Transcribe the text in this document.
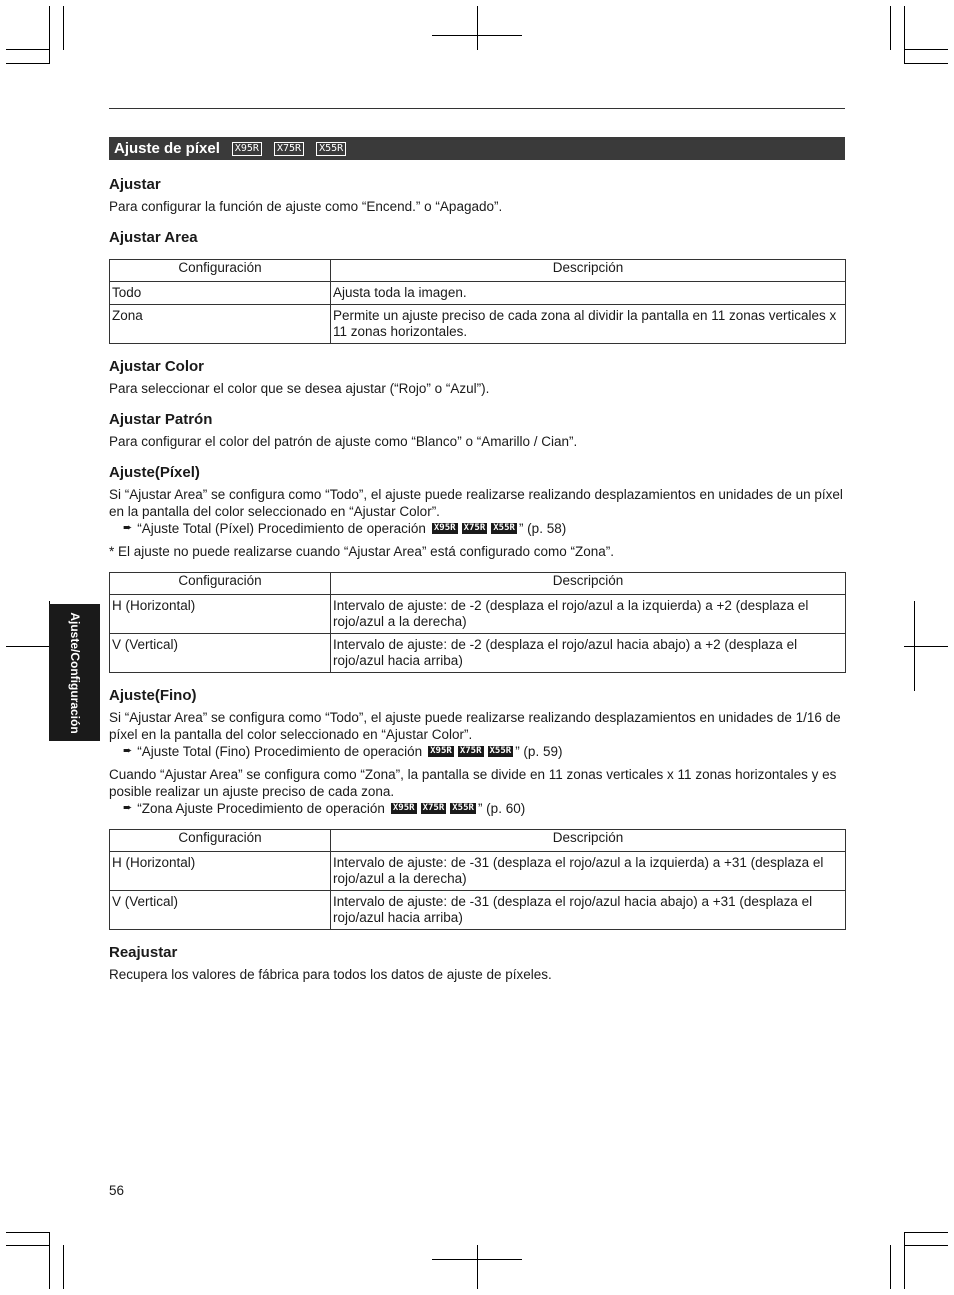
Ajuste de píxel	X95R	X75R	X55R
Ajustar

Para configurar la función de ajuste como “Encend.” o “Apagado”.

Ajustar Area
Configuración	Descripción
Todo	Ajusta toda la imagen.
Zona	Permite un ajuste preciso de cada zona al dividir la pantalla en 11 zonas verticales x 11 zonas horizontales.
Ajustar Color

Para seleccionar el color que se desea ajustar (“Rojo” o “Azul”).

Ajustar Patrón

Para configurar el color del patrón de ajuste como “Blanco” o “Amarillo / Cian”.

Ajuste(Píxel)

Si “Ajustar Area” se configura como “Todo”, el ajuste puede realizarse realizando desplazamientos en unidades de un píxel en la pantalla del color seleccionado en “Ajustar Color”.

➨ “Ajuste Total (Píxel) Procedimiento de operación X95R X75R X55R ” (p. 58)

* El ajuste no puede realizarse cuando “Ajustar Area” está configurado como “Zona”.

Configuración	Descripción
H (Horizontal)	Intervalo de ajuste: de -2 (desplaza el rojo/azul a la izquierda) a +2 (desplaza el rojo/azul a la derecha)
V (Vertical)	Intervalo de ajuste: de -2 (desplaza el rojo/azul hacia abajo) a +2 (desplaza el rojo/azul hacia arriba)
Ajuste(Fino)

Si “Ajustar Area” se configura como “Todo”, el ajuste puede realizarse realizando desplazamientos en unidades de 1/16 de píxel en la pantalla del color seleccionado en “Ajustar Color”.

➨ “Ajuste Total (Fino) Procedimiento de operación X95R X75R X55R ” (p. 59)

Cuando “Ajustar Area” se configura como “Zona”, la pantalla se divide en 11 zonas verticales x 11 zonas horizontales y es posible realizar un ajuste preciso de cada zona.

➨ “Zona Ajuste Procedimiento de operación X95R X75R X55R ” (p. 60)
Configuración	Descripción
H (Horizontal)	Intervalo de ajuste: de -31 (desplaza el rojo/azul a la izquierda) a +31 (desplaza el rojo/azul a la derecha)
V (Vertical)	Intervalo de ajuste: de -31 (desplaza el rojo/azul hacia abajo) a +31 (desplaza el rojo/azul hacia arriba)
Reajustar

Recupera los valores de fábrica para todos los datos de ajuste de píxeles.

Ajuste/Configuración
56
